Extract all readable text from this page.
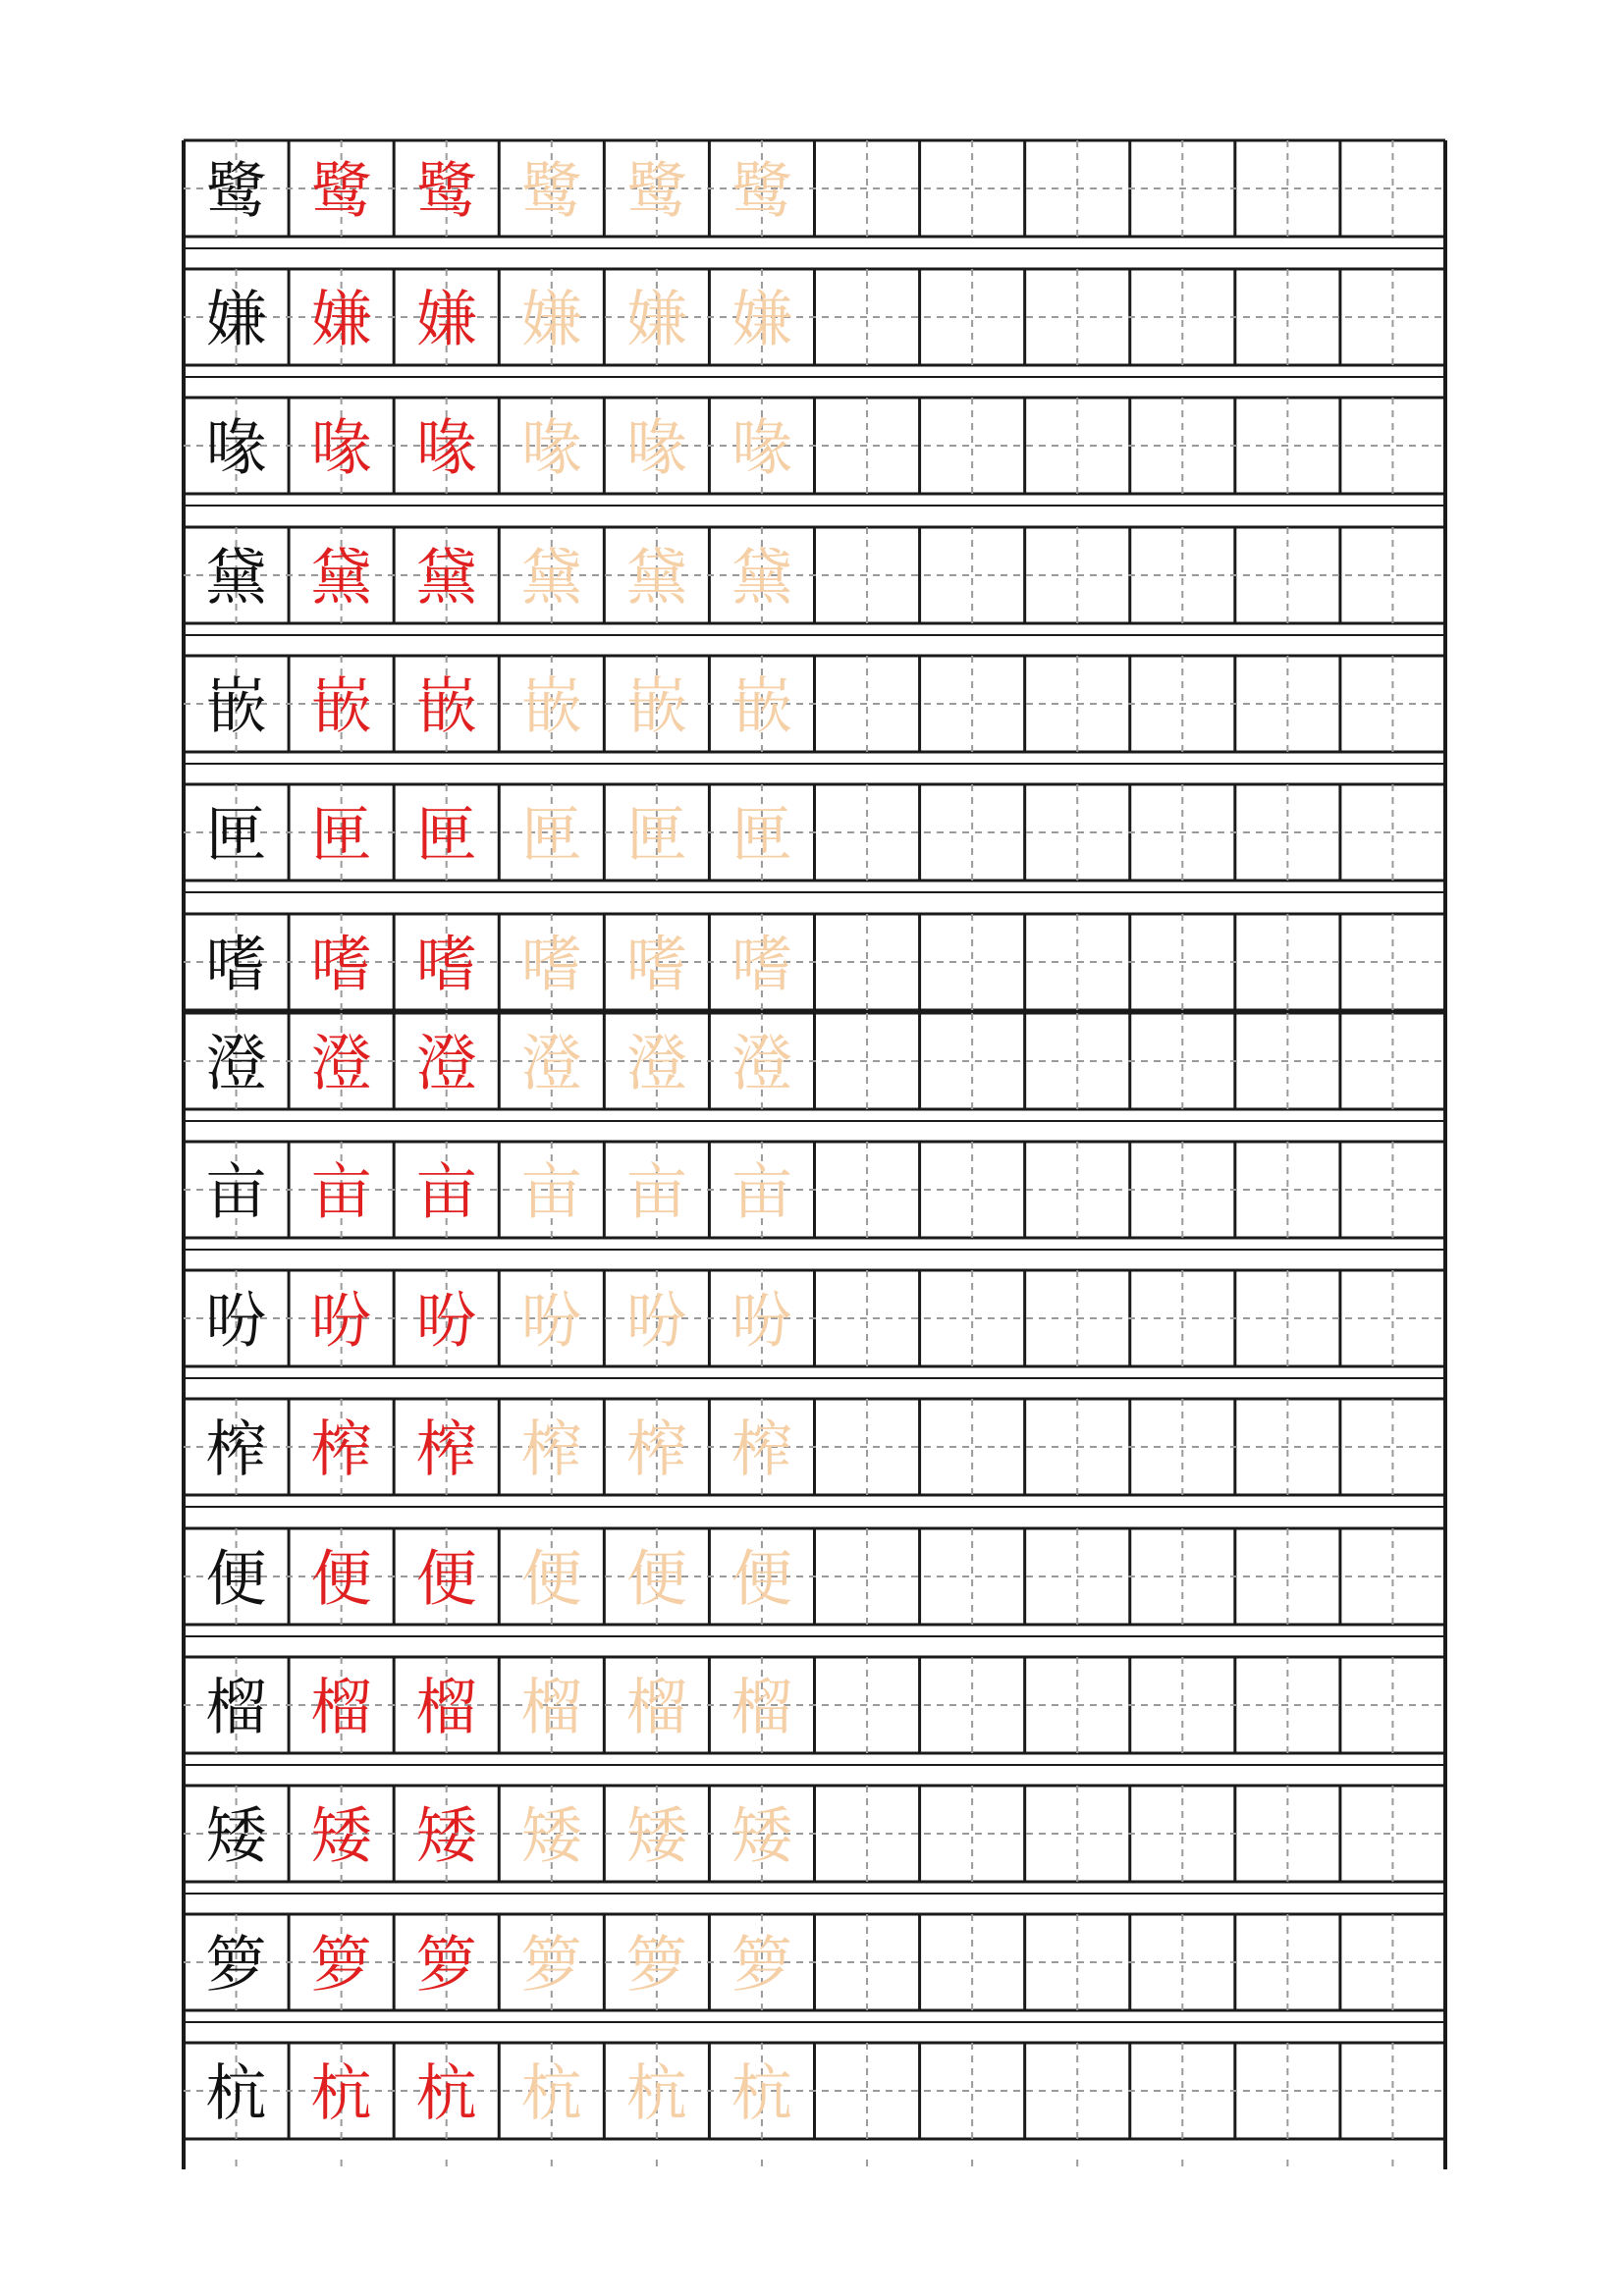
鹭 鹭 鹭 鹭 鹭 鹭
嫌 嫌 嫌 嫌 嫌 嫌
喙 喙 喙 喙 喙 喙
黛 黛 黛 黛 黛 黛
嵌 嵌 嵌 嵌 嵌 嵌
匣 匣 匣 匣 匣 匣
嗜 嗜 嗜 嗜 嗜 嗜
澄 澄 澄 澄 澄 澄
亩 亩 亩 亩 亩 亩
吩 吩 吩 吩 吩 吩
榨 榨 榨 榨 榨 榨
便 便 便 便 便 便
榴 榴 榴 榴 榴 榴
矮 矮 矮 矮 矮 矮
箩 箩 箩 箩 箩 箩
杭 杭 杭 杭 杭 杭
